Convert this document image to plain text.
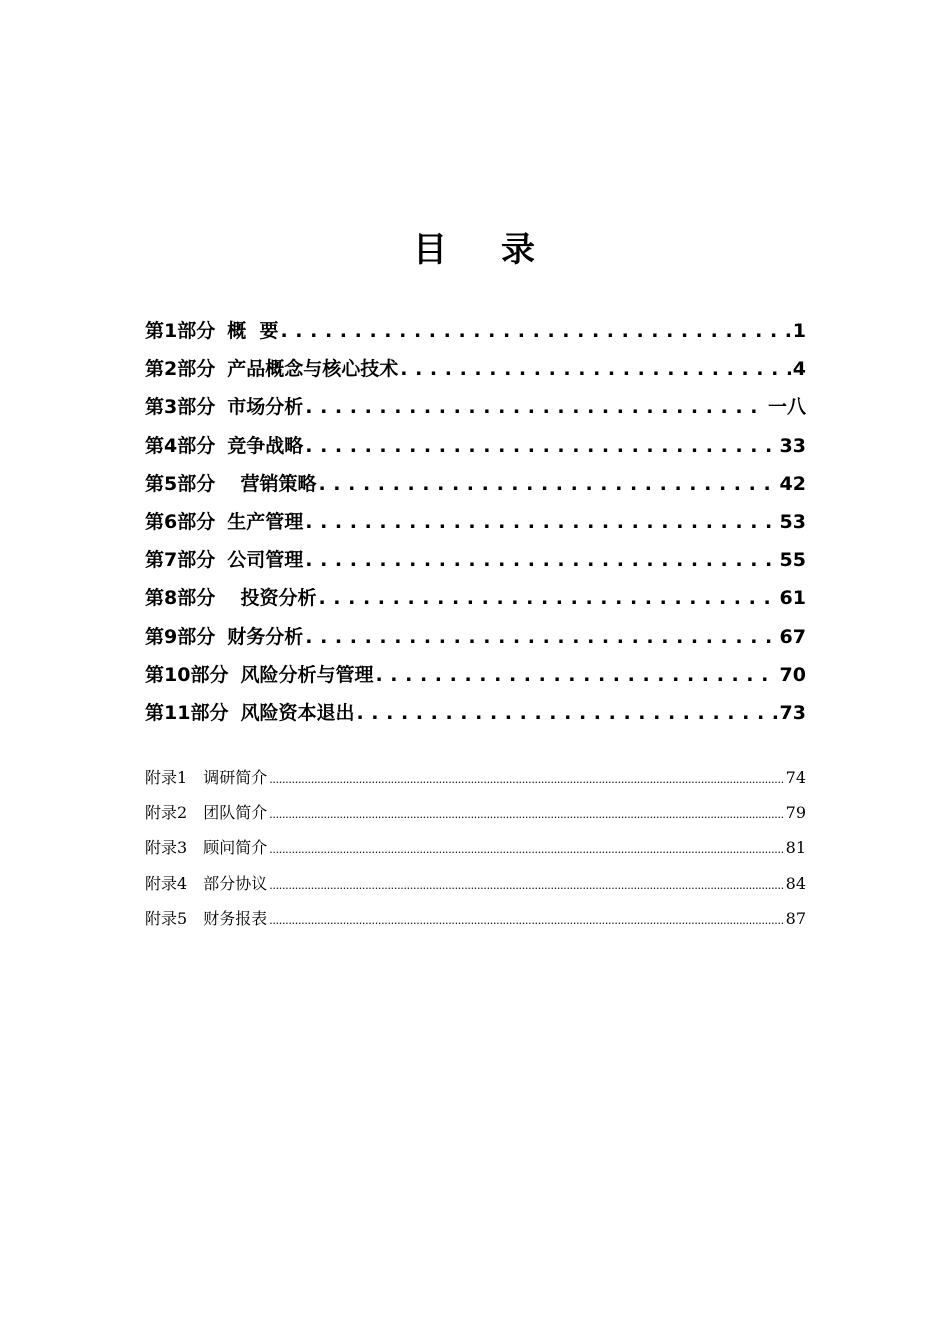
目 录
第1部分 概  要 . . .	1
第2部分 产品概念与核心技术 . . .	4
第3部分 市场分析 . . .	一八
第4部分 竞争战略 . . .	33
第5部分 营销策略 . . .	42
第6部分 生产管理 . . .	53
第7部分 公司管理 . . .	55
第8部分 投资分析 . . .	61
第9部分 财务分析 . . .	67
第10部分 风险分析与管理 . . .	70
第11部分 风险资本退出 . . .	73
附录1 调研简介 .....	74
附录2 团队简介 .....	79
附录3 顾问简介 .....	81
附录4 部分协议 .....	84
附录5 财务报表 .....	87
